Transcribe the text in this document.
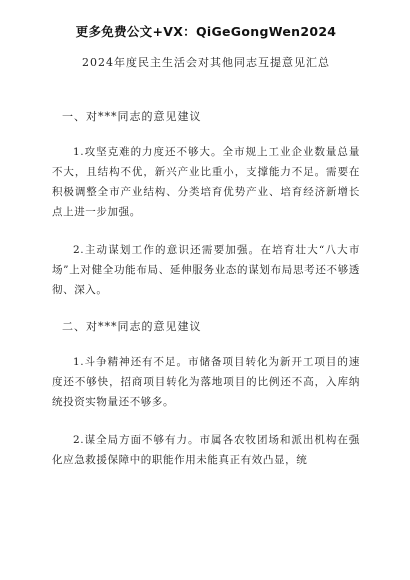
更多免费公文+VX：QiGeGongWen2024
2024年度民主生活会对其他同志互提意见汇总
一、对***同志的意见建议

1.攻坚克难的力度还不够大。全市规上工业企业数量总量不大，且结构不优，新兴产业比重小，支撑能力不足。需要在积极调整全市产业结构、分类培育优势产业、培育经济新增长点上进一步加强。

2.主动谋划工作的意识还需要加强。在培育壮大“八大市场”上对健全功能布局、延伸服务业态的谋划布局思考还不够透彻、深入。

二、对***同志的意见建议

1.斗争精神还有不足。市储备项目转化为新开工项目的速度还不够快，招商项目转化为落地项目的比例还不高，入库纳统投资实物量还不够多。

2.谋全局方面不够有力。市属各农牧团场和派出机构在强化应急救援保障中的职能作用未能真正有效凸显，统
